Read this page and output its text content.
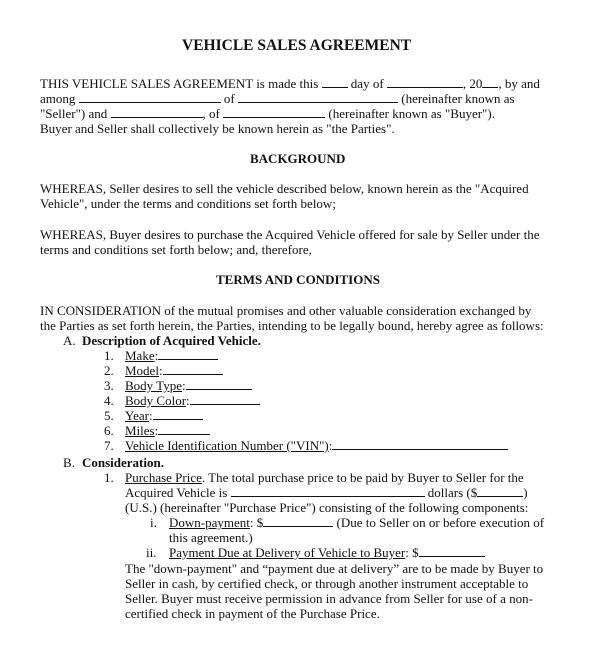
VEHICLE SALES AGREEMENT
THIS VEHICLE SALES AGREEMENT is made this	day of	, 20 , by and
among	of	(hereinafter known as
"Seller") and	, of	(hereinafter known as "Buyer").
Buyer and Seller shall collectively be known herein as "the Parties".
BACKGROUND
WHEREAS, Seller desires to sell the vehicle described below, known herein as the "Acquired
Vehicle", under the terms and conditions set forth below;
WHEREAS, Buyer desires to purchase the Acquired Vehicle offered for sale by Seller under the
terms and conditions set forth below; and, therefore,
TERMS AND CONDITIONS
IN CONSIDERATION of the mutual promises and other valuable consideration exchanged by
the Parties as set forth herein, the Parties, intending to be legally bound, hereby agree as follows:
A. Description of Acquired Vehicle.
1. Make:
2. Model:
3. Body Type:
4. Body Color:
5. Year:
6. Miles:
7. Vehicle Identification Number ("VIN"):
B. Consideration.
1. Purchase Price. The total purchase price to be paid by Buyer to Seller for the
Acquired Vehicle is	dollars ($	)
(U.S.) (hereinafter "Purchase Price") consisting of the following components:
i. Down-payment: $	(Due to Seller on or before execution of
this agreement.)
ii. Payment Due at Delivery of Vehicle to Buyer: $
The "down-payment" and “payment due at delivery” are to be made by Buyer to
Seller in cash, by certified check, or through another instrument acceptable to
Seller. Buyer must receive permission in advance from Seller for use of a non-
certified check in payment of the Purchase Price.
